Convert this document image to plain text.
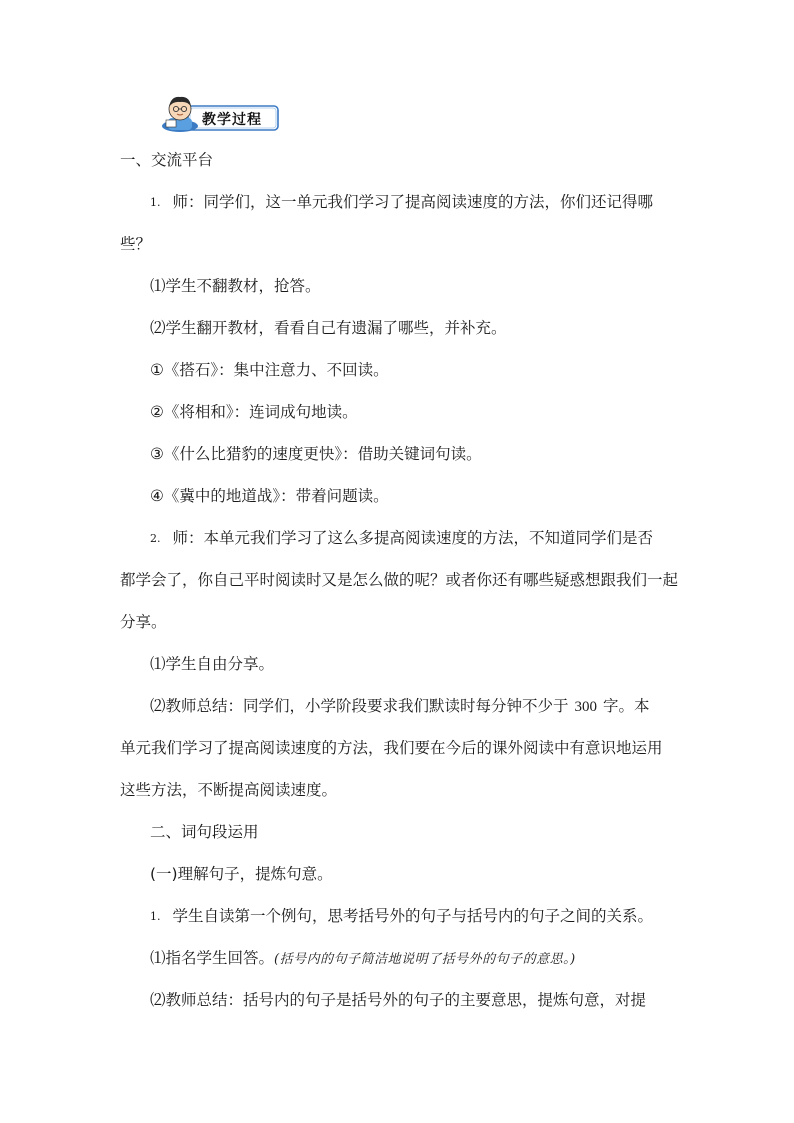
教学过程
一、交流平台
1. 师：同学们，这一单元我们学习了提高阅读速度的方法，你们还记得哪
些？
⑴学生不翻教材，抢答。
⑵学生翻开教材，看看自己有遗漏了哪些，并补充。
①《搭石》：集中注意力、不回读。
②《将相和》：连词成句地读。
③《什么比猎豹的速度更快》：借助关键词句读。
④《冀中的地道战》：带着问题读。
2. 师：本单元我们学习了这么多提高阅读速度的方法，不知道同学们是否
都学会了，你自己平时阅读时又是怎么做的呢？或者你还有哪些疑惑想跟我们一起
分享。
⑴学生自由分享。
⑵教师总结：同学们，小学阶段要求我们默读时每分钟不少于 300 字。本
单元我们学习了提高阅读速度的方法，我们要在今后的课外阅读中有意识地运用
这些方法，不断提高阅读速度。
二、词句段运用
(一)理解句子，提炼句意。
1. 学生自读第一个例句，思考括号外的句子与括号内的句子之间的关系。
⑴指名学生回答。(括号内的句子简洁地说明了括号外的句子的意思。)
⑵教师总结：括号内的句子是括号外的句子的主要意思，提炼句意，对提
